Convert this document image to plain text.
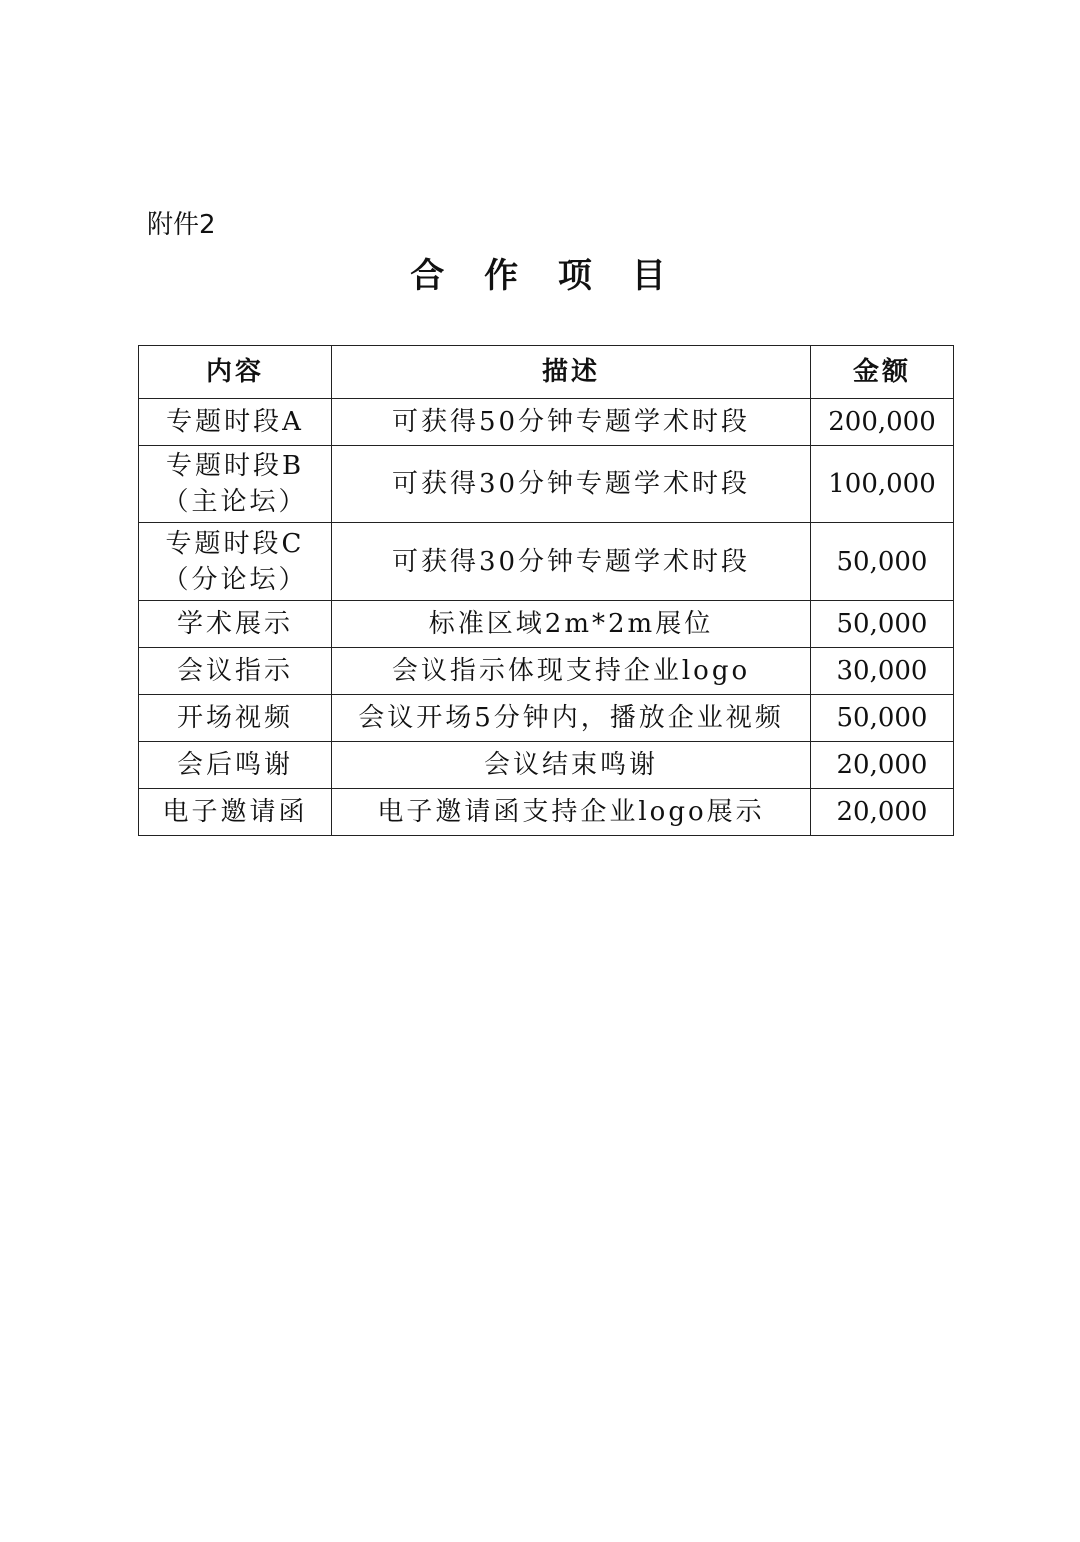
附件2
合 作 项 目
内容	描述	金额

专题时段A	可获得50分钟专题学术时段	200,000

专题时段B
（主论坛）	可获得30分钟专题学术时段	100,000

专题时段C
（分论坛）	可获得30分钟专题学术时段	50,000

学术展示	标准区域2m*2m展位	50,000

会议指示	会议指示体现支持企业logo	30,000

开场视频	会议开场5分钟内，播放企业视频	50,000

会后鸣谢	会议结束鸣谢	20,000

电子邀请函	电子邀请函支持企业logo展示	20,000
